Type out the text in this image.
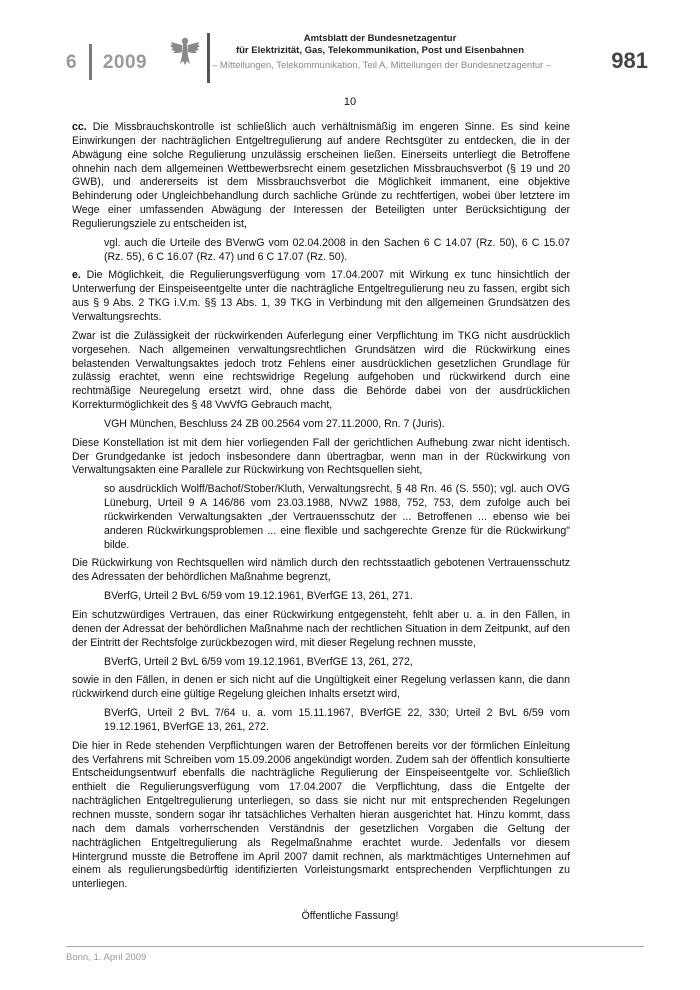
6 2009
Amtsblatt der Bundesnetzagentur
für Elektrizität, Gas, Telekommunikation, Post und Eisenbahnen
– Mitteilungen, Telekommunikation, Teil A, Mitteilungen der Bundesnetzagentur –	981
10

cc. Die Missbrauchskontrolle ist schließlich auch verhältnismäßig im engeren Sinne. Es sind keine Einwirkungen der nachträglichen Entgeltregulierung auf andere Rechtsgüter zu entdecken, die in der Abwägung eine solche Regulierung unzulässig erscheinen ließen. Einerseits unterliegt die Betroffene ohnehin nach dem allgemeinen Wettbewerbsrecht einem gesetzlichen Missbrauchsverbot (§ 19 und 20 GWB), und andererseits ist dem Missbrauchsverbot die Möglichkeit immanent, eine objektive Behinderung oder Ungleichbehandlung durch sachliche Gründe zu rechtfertigen, wobei über letztere im Wege einer umfassenden Abwägung der Interessen der Beteiligten unter Berücksichtigung der Regulierungsziele zu entscheiden ist,

vgl. auch die Urteile des BVerwG vom 02.04.2008 in den Sachen 6 C 14.07 (Rz. 50), 6 C 15.07 (Rz. 55), 6 C 16.07 (Rz. 47) und 6 C 17.07 (Rz. 50).

e. Die Möglichkeit, die Regulierungsverfügung vom 17.04.2007 mit Wirkung ex tunc hinsichtlich der Unterwerfung der Einspeiseentgelte unter die nachträgliche Entgeltregulierung neu zu fassen, ergibt sich aus § 9 Abs. 2 TKG i.V.m. §§ 13 Abs. 1, 39 TKG in Verbindung mit den allgemeinen Grundsätzen des Verwaltungsrechts.

Zwar ist die Zulässigkeit der rückwirkenden Auferlegung einer Verpflichtung im TKG nicht ausdrücklich vorgesehen. Nach allgemeinen verwaltungsrechtlichen Grundsätzen wird die Rückwirkung eines belastenden Verwaltungsaktes jedoch trotz Fehlens einer ausdrücklichen gesetzlichen Grundlage für zulässig erachtet, wenn eine rechtswidrige Regelung aufgehoben und rückwirkend durch eine rechtmäßige Neuregelung ersetzt wird, ohne dass die Behörde dabei von der ausdrücklichen Korrekturmöglichkeit des § 48 VwVfG Gebrauch macht,

VGH München, Beschluss 24 ZB 00.2564 vom 27.11.2000, Rn. 7 (Juris).

Diese Konstellation ist mit dem hier vorliegenden Fall der gerichtlichen Aufhebung zwar nicht identisch. Der Grundgedanke ist jedoch insbesondere dann übertragbar, wenn man in der Rückwirkung von Verwaltungsakten eine Parallele zur Rückwirkung von Rechtsquellen sieht,

so ausdrücklich Wolff/Bachof/Stober/Kluth, Verwaltungsrecht, § 48 Rn. 46 (S. 550); vgl. auch OVG Lüneburg, Urteil 9 A 146/86 vom 23.03.1988, NVwZ 1988, 752, 753, dem zufolge auch bei rückwirkenden Verwaltungsakten „der Vertrauensschutz der ... Betroffenen ... ebenso wie bei anderen Rückwirkungsproblemen ... eine flexible und sachgerechte Grenze für die Rückwirkung" bilde.

Die Rückwirkung von Rechtsquellen wird nämlich durch den rechtsstaatlich gebotenen Vertrauensschutz des Adressaten der behördlichen Maßnahme begrenzt,

BVerfG, Urteil 2 BvL 6/59 vom 19.12.1961, BVerfGE 13, 261, 271.

Ein schutzwürdiges Vertrauen, das einer Rückwirkung entgegensteht, fehlt aber u. a. in den Fällen, in denen der Adressat der behördlichen Maßnahme nach der rechtlichen Situation in dem Zeitpunkt, auf den der Eintritt der Rechtsfolge zurückbezogen wird, mit dieser Regelung rechnen musste,

BVerfG, Urteil 2 BvL 6/59 vom 19.12.1961, BVerfGE 13, 261, 272,

sowie in den Fällen, in denen er sich nicht auf die Ungültigkeit einer Regelung verlassen kann, die dann rückwirkend durch eine gültige Regelung gleichen Inhalts ersetzt wird,

BVerfG, Urteil 2 BvL 7/64 u. a. vom 15.11.1967, BVerfGE 22, 330; Urteil 2 BvL 6/59 vom 19.12.1961, BVerfGE 13, 261, 272.

Die hier in Rede stehenden Verpflichtungen waren der Betroffenen bereits vor der förmlichen Einleitung des Verfahrens mit Schreiben vom 15.09.2006 angekündigt worden. Zudem sah der öffentlich konsultierte Entscheidungsentwurf ebenfalls die nachträgliche Regulierung der Einspeiseentgelte vor. Schließlich enthielt die Regulierungsverfügung vom 17.04.2007 die Verpflichtung, dass die Entgelte der nachträglichen Entgeltregulierung unterliegen, so dass sie nicht nur mit entsprechenden Regelungen rechnen musste, sondern sogar ihr tatsächliches Verhalten hieran ausgerichtet hat. Hinzu kommt, dass nach dem damals vorherrschenden Verständnis der gesetzlichen Vorgaben die Geltung der nachträglichen Entgeltregulierung als Regelmaßnahme erachtet wurde. Jedenfalls vor diesem Hintergrund musste die Betroffene im April 2007 damit rechnen, als marktmächtiges Unternehmen auf einem als regulierungsbedürftig identifizierten Vorleistungsmarkt entsprechenden Verpflichtungen zu unterliegen.

Öffentliche Fassung!
Bonn, 1. April 2009
